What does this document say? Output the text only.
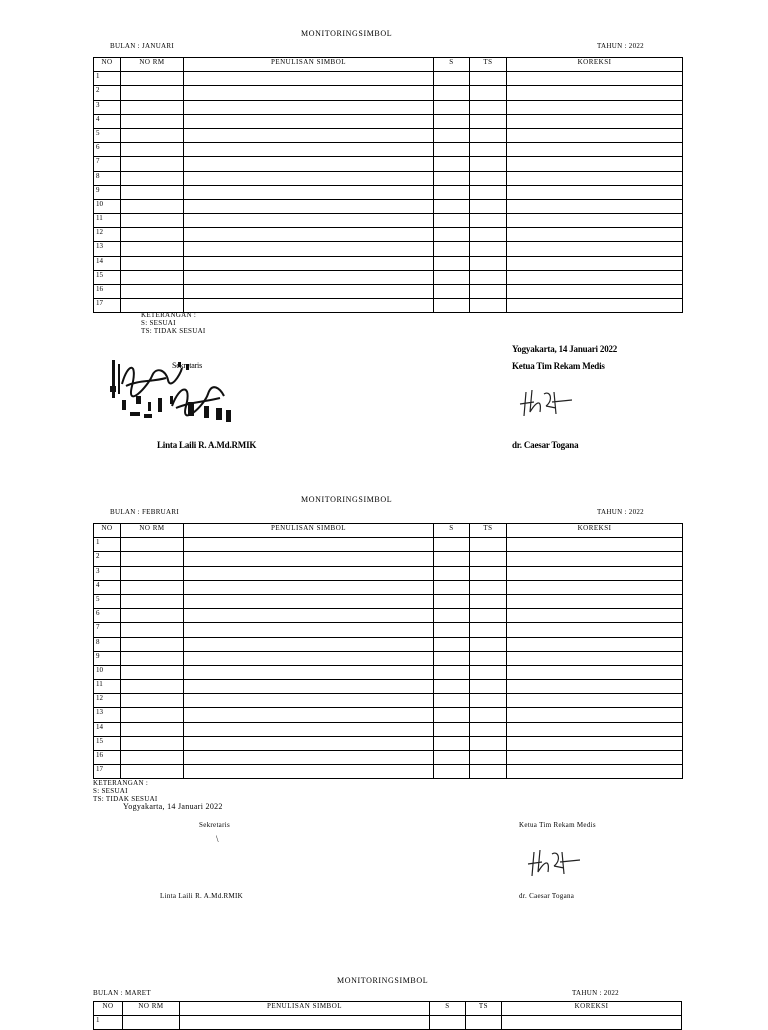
MONITORINGSIMBOL
BULAN : JANUARI	TAHUN : 2022
NO	NO RM	PENULISAN SIMBOL	S	TS	KOREKSI
1					
2					
3					
4					
5					
6					
7					
8					
9					
10					
11					
12					
13					
14					
15					
16					
17					
KETERANGAN :
S: SESUAI
TS: TIDAK SESUAI
Yogyakarta, 14 Januari 2022
Ketua Tim Rekam Medis
Sekretaris
Linta Laili R. A.Md.RMIK	dr. Caesar Togana
MONITORINGSIMBOL
BULAN : FEBRUARI	TAHUN : 2022
NO	NO RM	PENULISAN SIMBOL	S	TS	KOREKSI
1					
2					
3					
4					
5					
6					
7					
8					
9					
10					
11					
12					
13					
14					
15					
16					
17					
KETERANGAN :
S: SESUAI
TS: TIDAK SESUAI
Yogyakarta, 14 Januari 2022
Sekretaris
\
Ketua Tim Rekam Medis
Linta Laili R. A.Md.RMIK	dr. Caesar Togana
MONITORINGSIMBOL
BULAN : MARET	TAHUN : 2022
NO	NO RM	PENULISAN SIMBOL	S	TS	KOREKSI
1					
